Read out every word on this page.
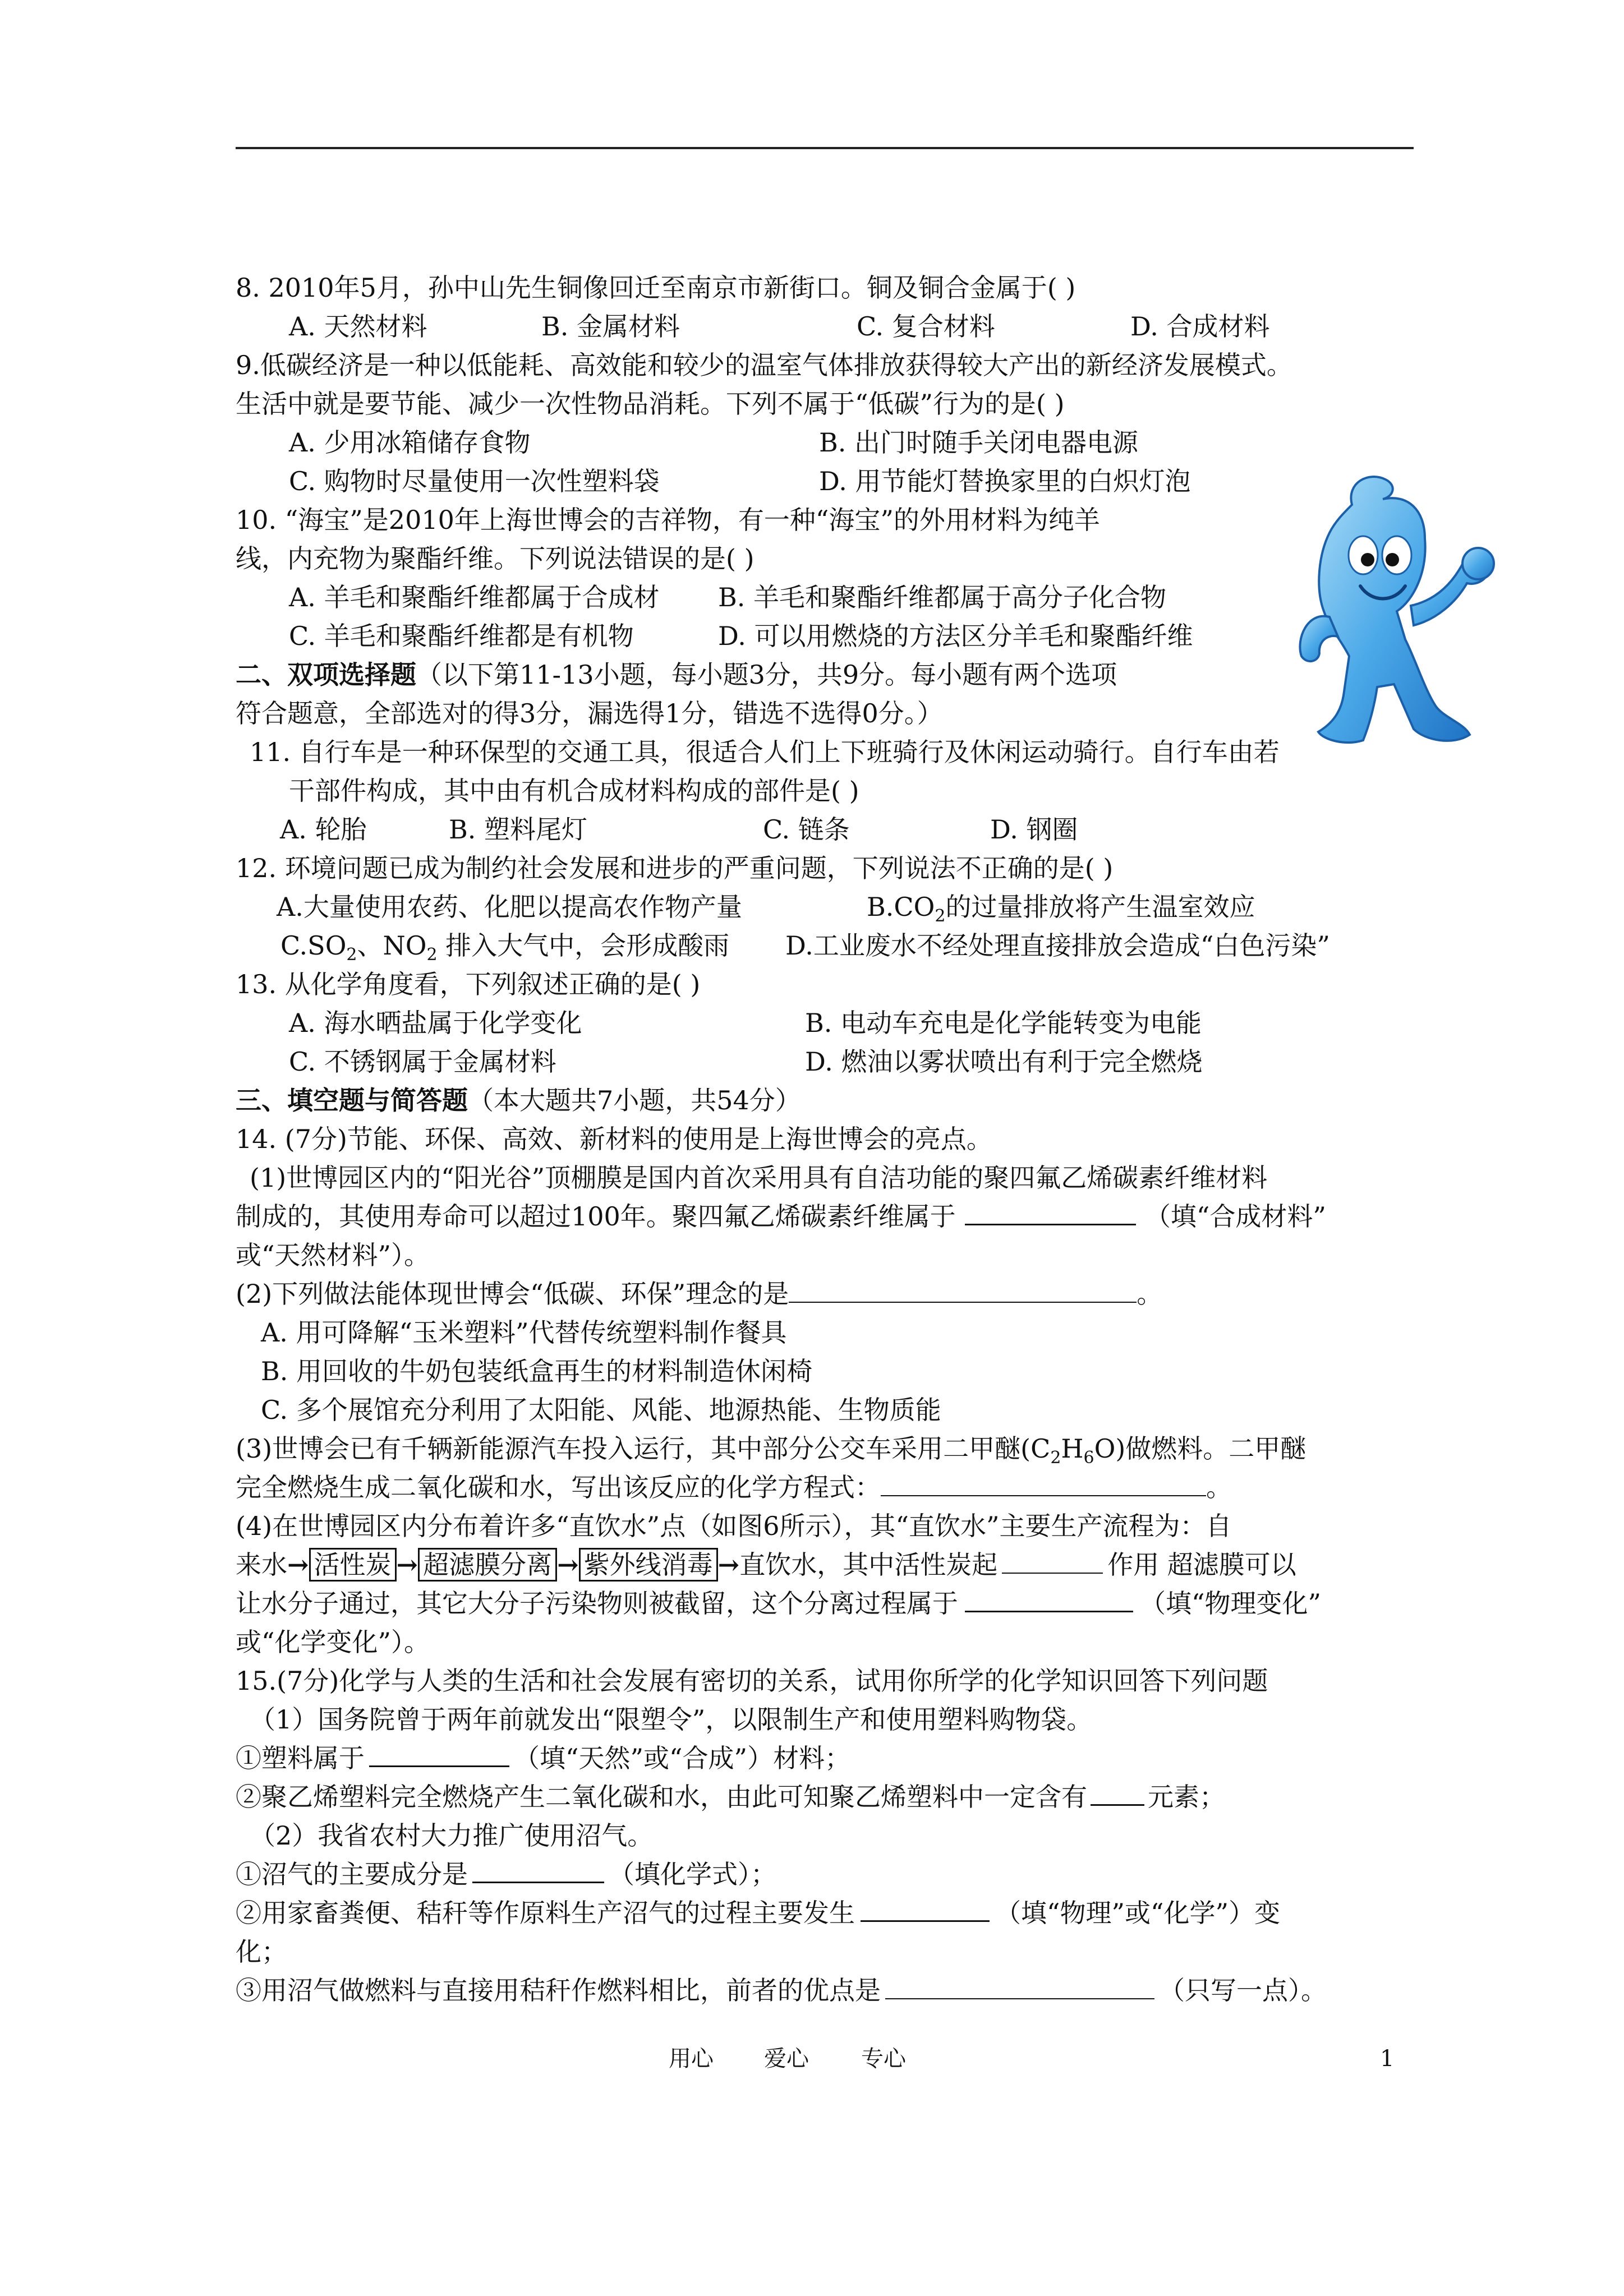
8. 2010年5月，孙中山先生铜像回迁至南京市新街口。铜及铜合金属于( )
A. 天然材料	B. 金属材料	C. 复合材料	D. 合成材料
9.低碳经济是一种以低能耗、高效能和较少的温室气体排放获得较大产出的新经济发展模式。
生活中就是要节能、减少一次性物品消耗。下列不属于“低碳”行为的是( )
A. 少用冰箱储存食物	B. 出门时随手关闭电器电源
C. 购物时尽量使用一次性塑料袋	D. 用节能灯替换家里的白炽灯泡
10. “海宝”是2010年上海世博会的吉祥物，有一种“海宝”的外用材料为纯羊
线，内充物为聚酯纤维。下列说法错误的是( )
A. 羊毛和聚酯纤维都属于合成材 B. 羊毛和聚酯纤维都属于高分子化合物
C. 羊毛和聚酯纤维都是有机物	D. 可以用燃烧的方法区分羊毛和聚酯纤维
二、双项选择题（以下第11-13小题，每小题3分，共9分。每小题有两个选项
符合题意，全部选对的得3分，漏选得1分，错选不选得0分。）
11. 自行车是一种环保型的交通工具，很适合人们上下班骑行及休闲运动骑行。自行车由若
干部件构成，其中由有机合成材料构成的部件是( )
A. 轮胎	B. 塑料尾灯	C. 链条	D. 钢圈
12. 环境问题已成为制约社会发展和进步的严重问题，下列说法不正确的是( )
A.大量使用农药、化肥以提高农作物产量	$B.CO_2$的过量排放将产生温室效应
$C.SO_2$、$NO_2$ 排入大气中，会形成酸雨 D.工业废水不经处理直接排放会造成“白色污染”
13. 从化学角度看，下列叙述正确的是( )
A. 海水晒盐属于化学变化	B. 电动车充电是化学能转变为电能
C. 不锈钢属于金属材料	D. 燃油以雾状喷出有利于完全燃烧
三、填空题与简答题（本大题共7小题，共54分）
14. (7分)节能、环保、高效、新材料的使用是上海世博会的亮点。
(1)世博园区内的“阳光谷”顶棚膜是国内首次采用具有自洁功能的聚四氟乙烯碳素纤维材料
制成的，其使用寿命可以超过100年。聚四氟乙烯碳素纤维属于	（填“合成材料”
或“天然材料”）。
(2)下列做法能体现世博会“低碳、环保”理念的是	。
A. 用可降解“玉米塑料”代替传统塑料制作餐具
B. 用回收的牛奶包装纸盒再生的材料制造休闲椅
C. 多个展馆充分利用了太阳能、风能、地源热能、生物质能
(3)世博会已有千辆新能源汽车投入运行，其中部分公交车采用二甲醚$(C_2H_6O)$做燃料。二甲醚
完全燃烧生成二氧化碳和水，写出该反应的化学方程式：	。
(4)在世博园区内分布着许多“直饮水”点（如图6所示），其“直饮水”主要生产流程为：自
来水→ 活性炭 → 超滤膜分离 → 紫外线消毒 →直饮水，其中活性炭起	作用 超滤膜可以
让水分子通过，其它大分子污染物则被截留，这个分离过程属于	（填“物理变化”
或“化学变化”）。
15.(7分)化学与人类的生活和社会发展有密切的关系，试用你所学的化学知识回答下列问题
（1）国务院曾于两年前就发出“限塑令”，以限制生产和使用塑料购物袋。
①塑料属于	（填“天然”或“合成”）材料；
②聚乙烯塑料完全燃烧产生二氧化碳和水，由此可知聚乙烯塑料中一定含有 元素；
（2）我省农村大力推广使用沼气。
①沼气的主要成分是	（填化学式）；
②用家畜粪便、秸秆等作原料生产沼气的过程主要发生	（填“物理”或“化学”）变
化；
③用沼气做燃料与直接用秸秆作燃料相比，前者的优点是	（只写一点）。
用心 爱心 专心	1
